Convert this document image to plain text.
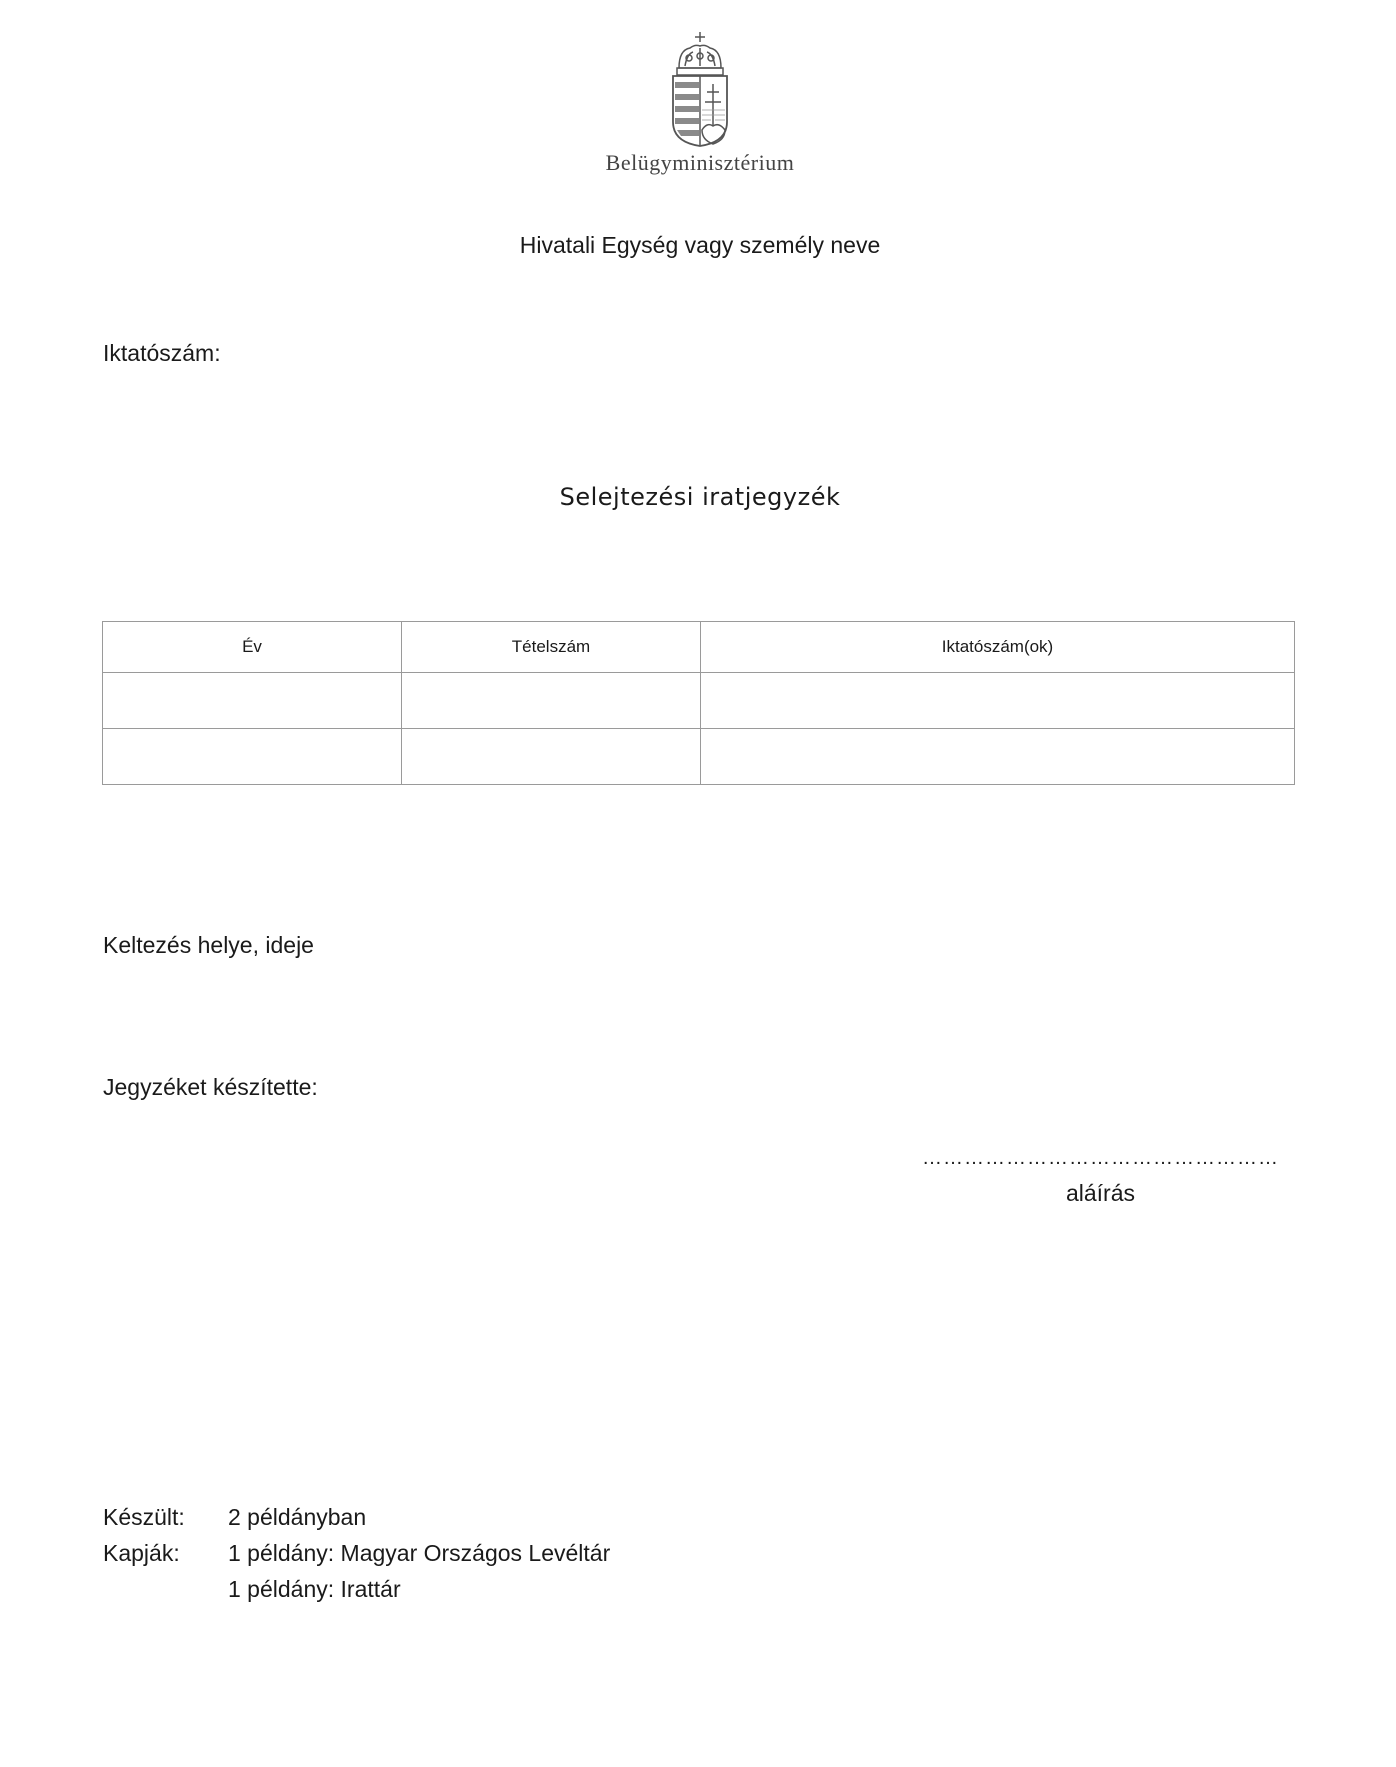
Belügyminisztérium
Hivatali Egység vagy személy neve
Iktatószám:
Selejtezési iratjegyzék
Év	Tételszám	Iktatószám(ok)

Keltezés helye, ideje
Jegyzéket készítette:
……………………………………………
aláírás
Készült: 2 példányban
Kapják: 1 példány: Magyar Országos Levéltár
1 példány: Irattár
